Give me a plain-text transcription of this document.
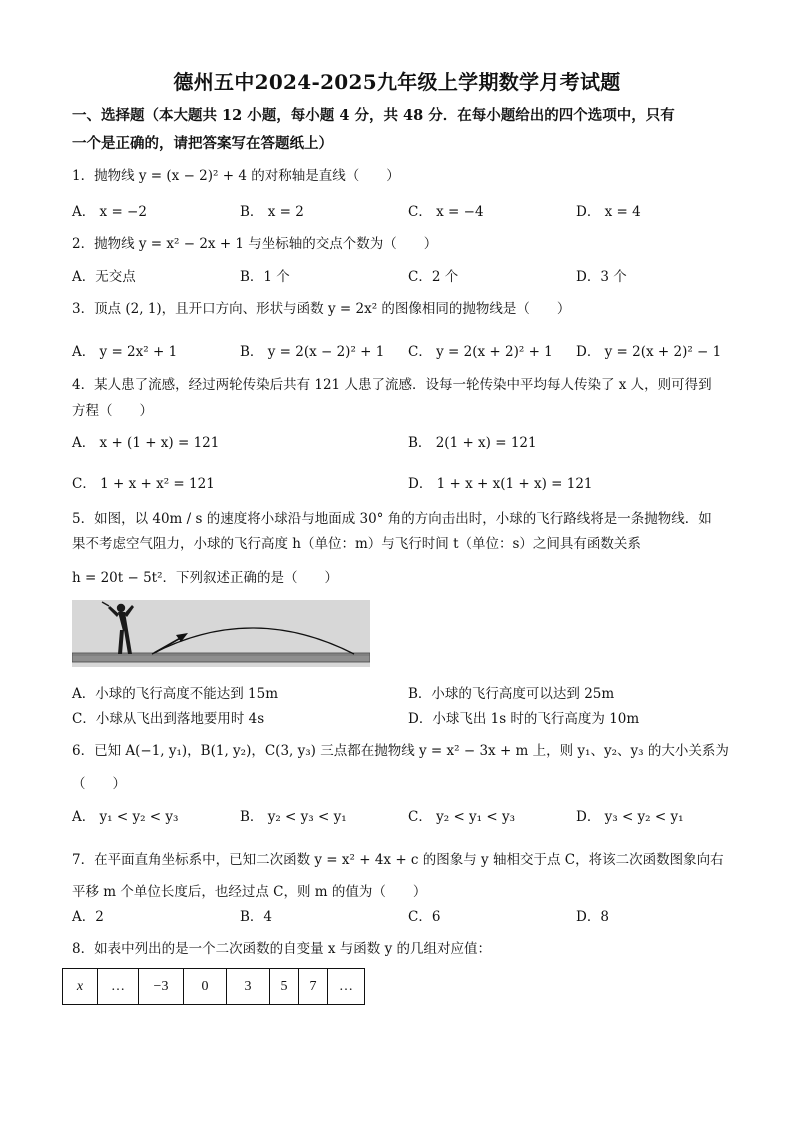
德州五中2024-2025九年级上学期数学月考试题
一、选择题（本大题共 12 小题，每小题 4 分，共 48 分．在每小题给出的四个选项中，只有
一个是正确的，请把答案写在答题纸上）
1．抛物线 y = (x − 2)² + 4 的对称轴是直线（　　）
A． x = −2	B． x = 2	C． x = −4	D． x = 4
2．抛物线 y = x² − 2x + 1 与坐标轴的交点个数为（　　）
A．无交点	B．1 个	C．2 个	D．3 个
3．顶点 (2, 1)，且开口方向、形状与函数 y = 2x² 的图像相同的抛物线是（　　）
A． y = 2x² + 1	B． y = 2(x − 2)² + 1 C． y = 2(x + 2)² + 1 D． y = 2(x + 2)² − 1
4．某人患了流感，经过两轮传染后共有 121 人患了流感．设每一轮传染中平均每人传染了 x 人，则可得到
方程（　　）
A． x + (1 + x) = 121	B． 2(1 + x) = 121
C． 1 + x + x² = 121	D． 1 + x + x(1 + x) = 121
5．如图，以 40m / s 的速度将小球沿与地面成 30° 角的方向击出时，小球的飞行路线将是一条抛物线．如
果不考虑空气阻力，小球的飞行高度 h（单位：m）与飞行时间 t（单位：s）之间具有函数关系
h = 20t − 5t²．下列叙述正确的是（　　）
A．小球的飞行高度不能达到 15m	B．小球的飞行高度可以达到 25m
C．小球从飞出到落地要用时 4s	D．小球飞出 1s 时的飞行高度为 10m
6．已知 A(−1, y₁)，B(1, y₂)，C(3, y₃) 三点都在抛物线 y = x² − 3x + m 上，则 y₁、y₂、y₃ 的大小关系为
（　　）
A． y₁ < y₂ < y₃	B． y₂ < y₃ < y₁	C． y₂ < y₁ < y₃	D． y₃ < y₂ < y₁
7．在平面直角坐标系中，已知二次函数 y = x² + 4x + c 的图象与 y 轴相交于点 C，将该二次函数图象向右
平移 m 个单位长度后，也经过点 C，则 m 的值为（　　）
A．2	B．4	C．6	D．8
8．如表中列出的是一个二次函数的自变量 x 与函数 y 的几组对应值：
x	…	−3	0	3	5	7	…
